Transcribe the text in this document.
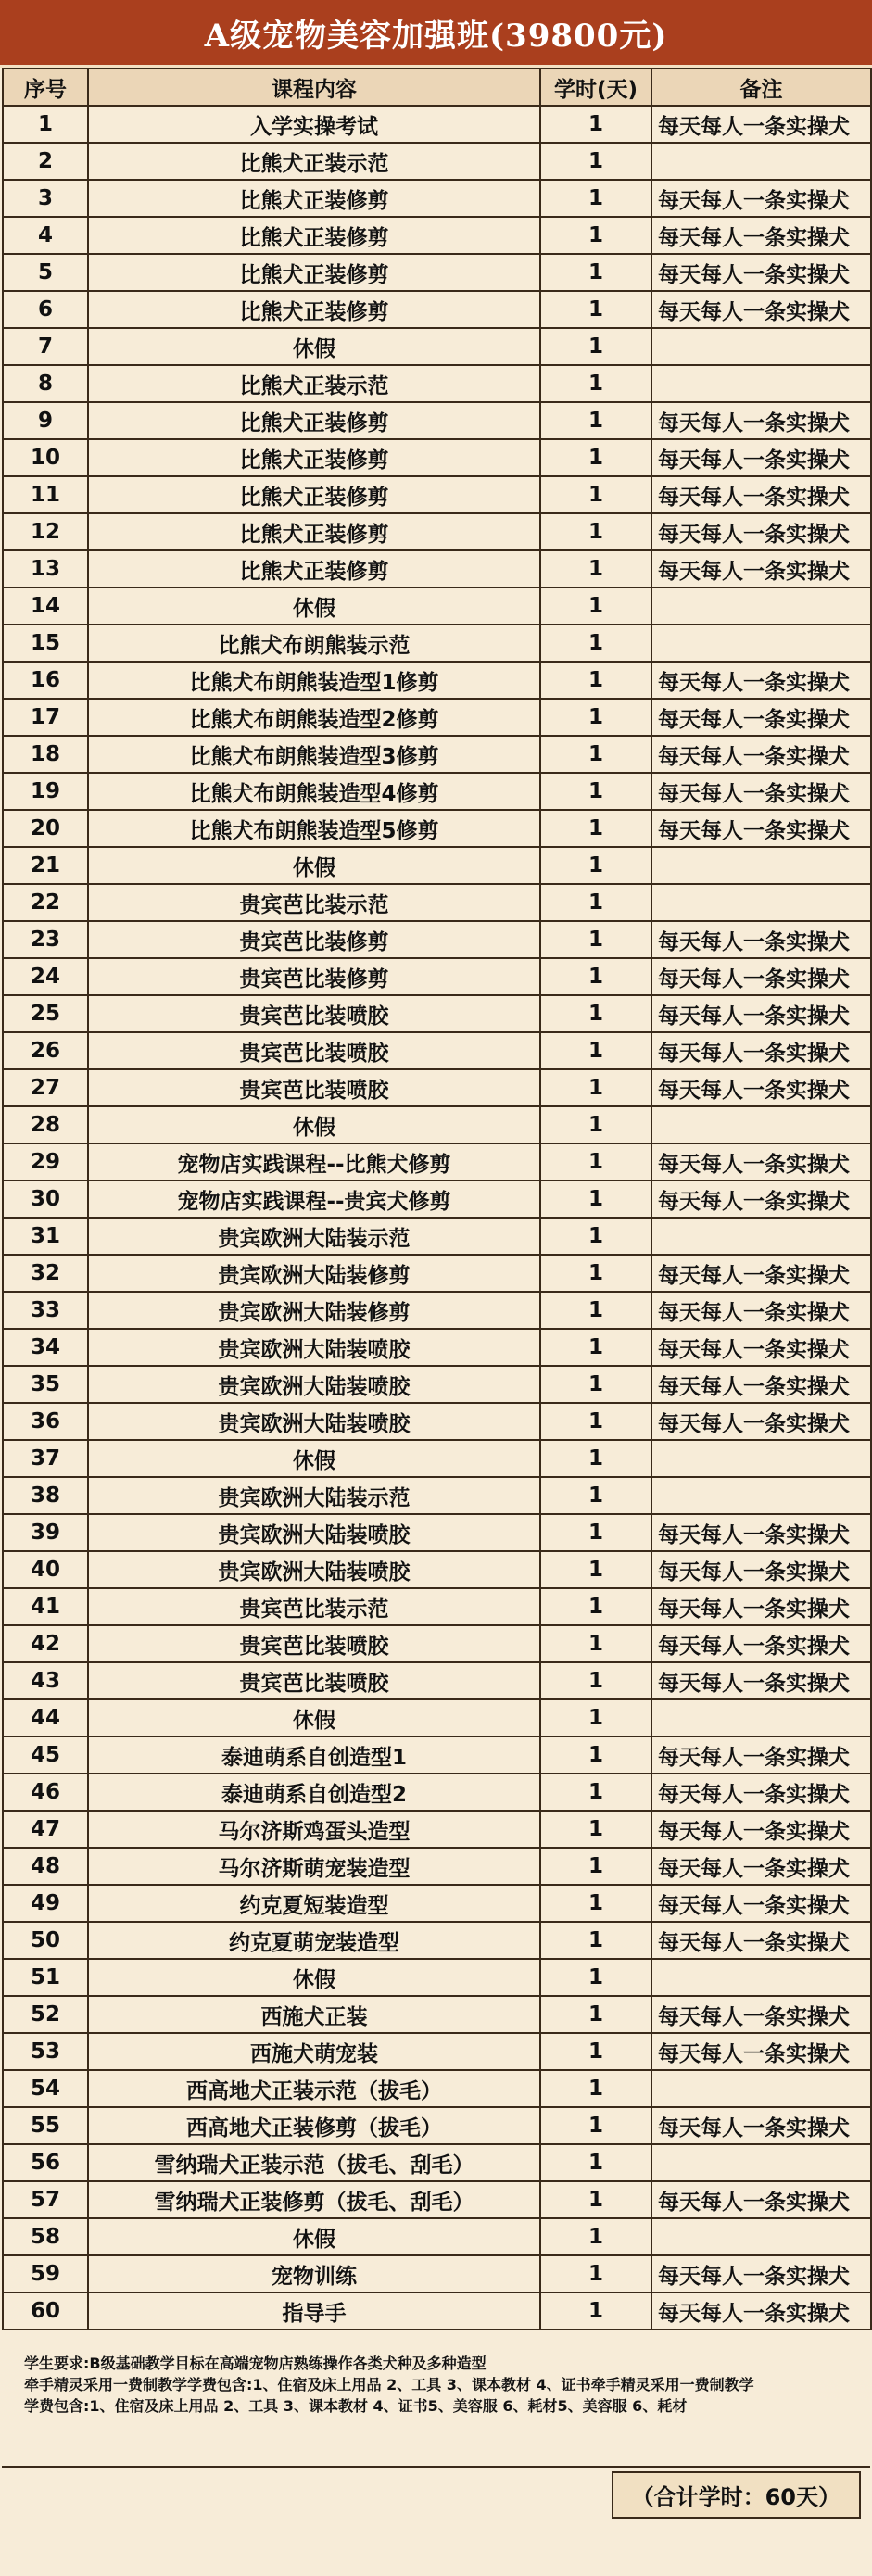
A级宠物美容加强班(39800元)
序号	课程内容	学时(天)	备注
1	入学实操考试	1	每天每人一条实操犬
2	比熊犬正装示范	1	
3	比熊犬正装修剪	1	每天每人一条实操犬
4	比熊犬正装修剪	1	每天每人一条实操犬
5	比熊犬正装修剪	1	每天每人一条实操犬
6	比熊犬正装修剪	1	每天每人一条实操犬
7	休假	1	
8	比熊犬正装示范	1	
9	比熊犬正装修剪	1	每天每人一条实操犬
10	比熊犬正装修剪	1	每天每人一条实操犬
11	比熊犬正装修剪	1	每天每人一条实操犬
12	比熊犬正装修剪	1	每天每人一条实操犬
13	比熊犬正装修剪	1	每天每人一条实操犬
14	休假	1	
15	比熊犬布朗熊装示范	1	
16	比熊犬布朗熊装造型1修剪	1	每天每人一条实操犬
17	比熊犬布朗熊装造型2修剪	1	每天每人一条实操犬
18	比熊犬布朗熊装造型3修剪	1	每天每人一条实操犬
19	比熊犬布朗熊装造型4修剪	1	每天每人一条实操犬
20	比熊犬布朗熊装造型5修剪	1	每天每人一条实操犬
21	休假	1	
22	贵宾芭比装示范	1	
23	贵宾芭比装修剪	1	每天每人一条实操犬
24	贵宾芭比装修剪	1	每天每人一条实操犬
25	贵宾芭比装喷胶	1	每天每人一条实操犬
26	贵宾芭比装喷胶	1	每天每人一条实操犬
27	贵宾芭比装喷胶	1	每天每人一条实操犬
28	休假	1	
29	宠物店实践课程--比熊犬修剪	1	每天每人一条实操犬
30	宠物店实践课程--贵宾犬修剪	1	每天每人一条实操犬
31	贵宾欧洲大陆装示范	1	
32	贵宾欧洲大陆装修剪	1	每天每人一条实操犬
33	贵宾欧洲大陆装修剪	1	每天每人一条实操犬
34	贵宾欧洲大陆装喷胶	1	每天每人一条实操犬
35	贵宾欧洲大陆装喷胶	1	每天每人一条实操犬
36	贵宾欧洲大陆装喷胶	1	每天每人一条实操犬
37	休假	1	
38	贵宾欧洲大陆装示范	1	
39	贵宾欧洲大陆装喷胶	1	每天每人一条实操犬
40	贵宾欧洲大陆装喷胶	1	每天每人一条实操犬
41	贵宾芭比装示范	1	每天每人一条实操犬
42	贵宾芭比装喷胶	1	每天每人一条实操犬
43	贵宾芭比装喷胶	1	每天每人一条实操犬
44	休假	1	
45	泰迪萌系自创造型1	1	每天每人一条实操犬
46	泰迪萌系自创造型2	1	每天每人一条实操犬
47	马尔济斯鸡蛋头造型	1	每天每人一条实操犬
48	马尔济斯萌宠装造型	1	每天每人一条实操犬
49	约克夏短装造型	1	每天每人一条实操犬
50	约克夏萌宠装造型	1	每天每人一条实操犬
51	休假	1	
52	西施犬正装	1	每天每人一条实操犬
53	西施犬萌宠装	1	每天每人一条实操犬
54	西高地犬正装示范（拔毛）	1	
55	西高地犬正装修剪（拔毛）	1	每天每人一条实操犬
56	雪纳瑞犬正装示范（拔毛、刮毛）	1	
57	雪纳瑞犬正装修剪（拔毛、刮毛）	1	每天每人一条实操犬
58	休假	1	
59	宠物训练	1	每天每人一条实操犬
60	指导手	1	每天每人一条实操犬
学生要求:B级基础教学目标在高端宠物店熟练操作各类犬种及多种造型
牵手精灵采用一费制教学学费包含:1、住宿及床上用品 2、工具 3、课本教材 4、证书牵手精灵采用一费制教学
学费包含:1、住宿及床上用品 2、工具 3、课本教材 4、证书5、美容服 6、耗材5、美容服 6、耗材
（合计学时：60天）
